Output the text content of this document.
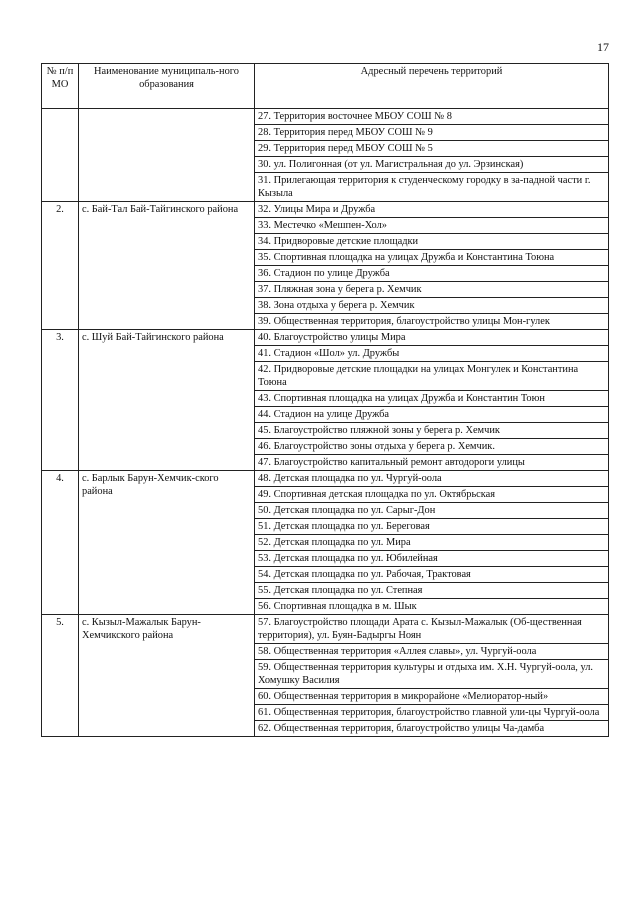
17
№ п/п МО	Наименование муниципаль-ного образования	Адресный перечень территорий
		27. Территория восточнее МБОУ СОШ № 8
		28. Территория перед МБОУ СОШ № 9
		29. Территория перед МБОУ СОШ № 5
		30. ул. Полигонная (от ул. Магистральная до ул. Эрзинская)
		31. Прилегающая территория к студенческому городку в за-падной части г. Кызыла
2.	с. Бай-Тал Бай-Тайгинского района	32. Улицы Мира и Дружба
		33. Местечко «Мешпен-Хол»
		34. Придворовые детские площадки
		35. Спортивная площадка на улицах Дружба и Константина Тоюна
		36. Стадион по улице Дружба
		37. Пляжная зона у берега р. Хемчик
		38. Зона отдыха у берега р. Хемчик
		39. Общественная территория, благоустройство улицы Мон-гулек
3.	с. Шуй Бай-Тайгинского района	40. Благоустройство улицы Мира
		41. Стадион «Шол» ул. Дружбы
		42. Придворовые детские площадки на улицах Монгулек и Константина Тоюна
		43. Спортивная площадка на улицах Дружба и Константин Тоюн
		44. Стадион на улице Дружба
		45. Благоустройство пляжной зоны у берега р. Хемчик
		46. Благоустройство зоны отдыха у берега р. Хемчик.
		47. Благоустройство капитальный ремонт автодороги улицы
4.	с. Барлык Барун-Хемчик-ского района	48. Детская площадка по ул. Чургуй-оола
		49. Спортивная детская площадка по ул. Октябрьская
		50. Детская площадка по ул. Сарыг-Дон
		51. Детская площадка по ул. Береговая
		52. Детская площадка по ул. Мира
		53. Детская площадка по ул. Юбилейная
		54. Детская площадка по ул. Рабочая, Трактовая
		55. Детская площадка по ул. Степная
		56. Спортивная площадка в м. Шык
5.	с. Кызыл-Мажалык Барун-Хемчикского района	57. Благоустройство площади Арата с. Кызыл-Мажалык (Об-щественная территория), ул. Буян-Бадыргы Ноян
		58. Общественная территория «Аллея славы», ул. Чургуй-оола
		59. Общественная территория культуры и отдыха им. Х.Н. Чургуй-оола, ул. Хомушку Василия
		60. Общественная территория в микрорайоне «Мелиоратор-ный»
		61. Общественная территория, благоустройство главной ули-цы Чургуй-оола
		62. Общественная территория, благоустройство улицы Ча-дамба
